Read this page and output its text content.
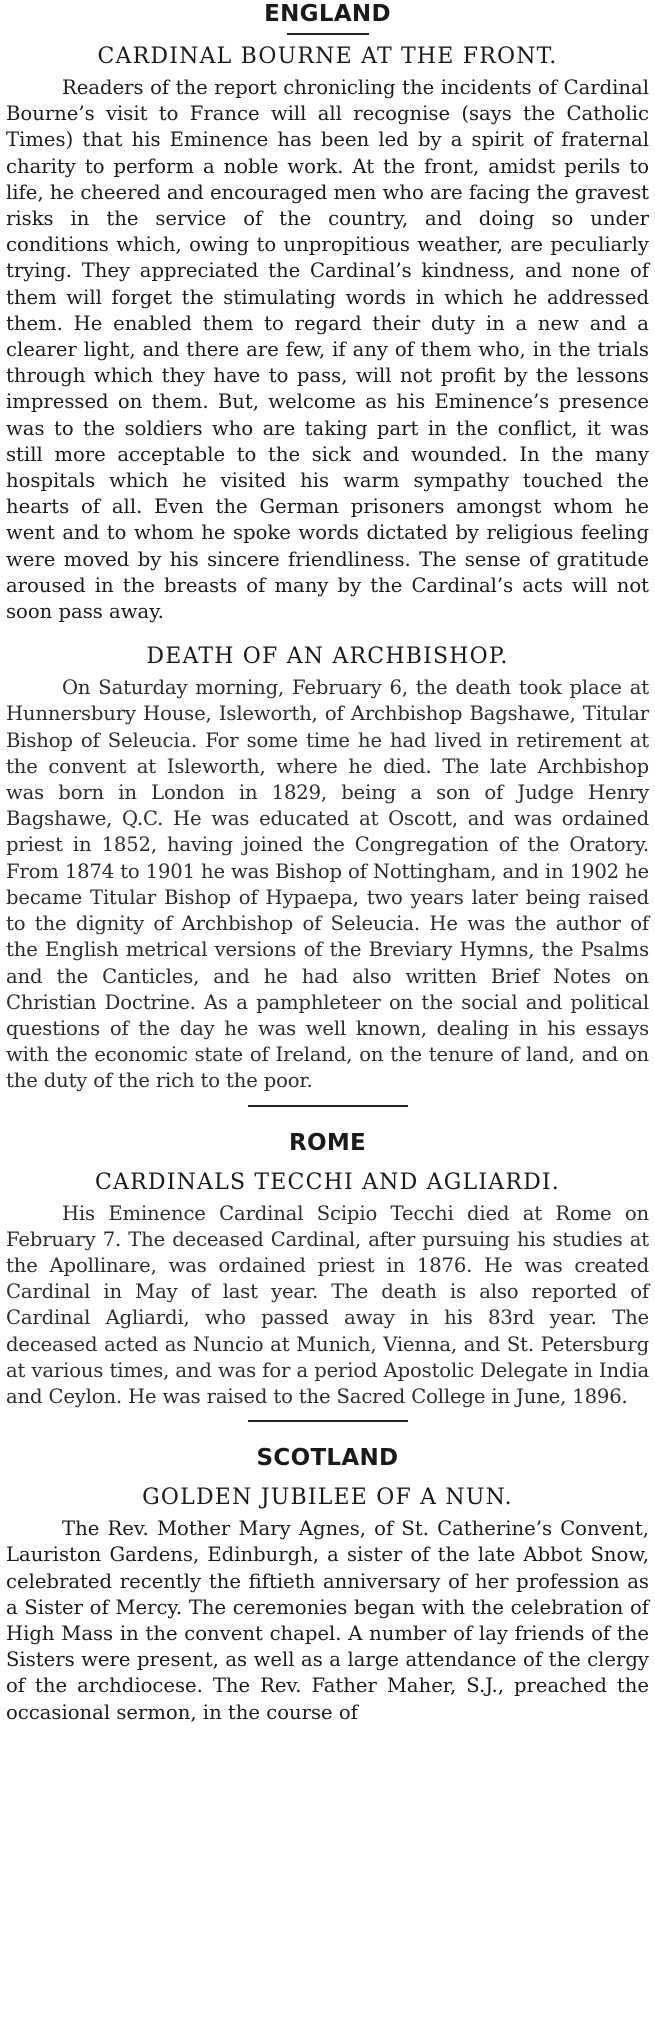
ENGLAND
CARDINAL BOURNE AT THE FRONT.

Readers of the report chronicling the incidents of Cardinal Bourne’s visit to France will all recognise (says the Catholic Times) that his Eminence has been led by a spirit of fraternal charity to perform a noble work. At the front, amidst perils to life, he cheered and encouraged men who are facing the gravest risks in the service of the country, and doing so under conditions which, owing to unpropitious weather, are peculiarly trying. They appreciated the Cardinal’s kindness, and none of them will forget the stimulating words in which he addressed them. He enabled them to regard their duty in a new and a clearer light, and there are few, if any of them who, in the trials through which they have to pass, will not profit by the lessons impressed on them. But, welcome as his Eminence’s presence was to the soldiers who are taking part in the conflict, it was still more acceptable to the sick and wounded. In the many hospitals which he visited his warm sympathy touched the hearts of all. Even the German prisoners amongst whom he went and to whom he spoke words dictated by religious feeling were moved by his sincere friendliness. The sense of gratitude aroused in the breasts of many by the Cardinal’s acts will not soon pass away.

DEATH OF AN ARCHBISHOP.

On Saturday morning, February 6, the death took place at Hunnersbury House, Isleworth, of Archbishop Bagshawe, Titular Bishop of Seleucia. For some time he had lived in retirement at the convent at Isleworth, where he died. The late Archbishop was born in London in 1829, being a son of Judge Henry Bagshawe, Q.C. He was educated at Oscott, and was ordained priest in 1852, having joined the Congregation of the Oratory. From 1874 to 1901 he was Bishop of Nottingham, and in 1902 he became Titular Bishop of Hypaepa, two years later being raised to the dignity of Archbishop of Seleucia. He was the author of the English metrical versions of the Breviary Hymns, the Psalms and the Canticles, and he had also written Brief Notes on Christian Doctrine. As a pamphleteer on the social and political questions of the day he was well known, dealing in his essays with the economic state of Ireland, on the tenure of land, and on the duty of the rich to the poor.

ROME
CARDINALS TECCHI AND AGLIARDI.

His Eminence Cardinal Scipio Tecchi died at Rome on February 7. The deceased Cardinal, after pursuing his studies at the Apollinare, was ordained priest in 1876. He was created Cardinal in May of last year. The death is also reported of Cardinal Agliardi, who passed away in his 83rd year. The deceased acted as Nuncio at Munich, Vienna, and St. Petersburg at various times, and was for a period Apostolic Delegate in India and Ceylon. He was raised to the Sacred College in June, 1896.

SCOTLAND
GOLDEN JUBILEE OF A NUN.

The Rev. Mother Mary Agnes, of St. Catherine’s Convent, Lauriston Gardens, Edinburgh, a sister of the late Abbot Snow, celebrated recently the fiftieth anniversary of her profession as a Sister of Mercy. The ceremonies began with the celebration of High Mass in the convent chapel. A number of lay friends of the Sisters were present, as well as a large attendance of the clergy of the archdiocese. The Rev. Father Maher, S.J., preached the occasional sermon, in the course of
